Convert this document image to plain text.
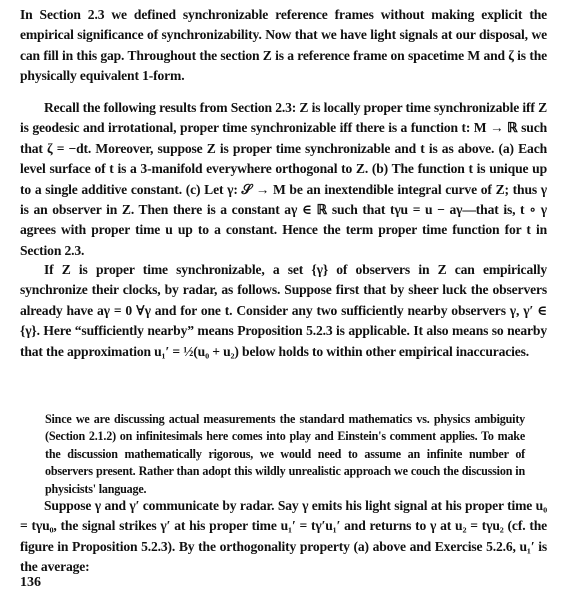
In Section 2.3 we defined synchronizable reference frames without making explicit the empirical significance of synchronizability. Now that we have light signals at our disposal, we can fill in this gap. Throughout the section Z is a reference frame on spacetime M and ζ is the physically equivalent 1-form.

Recall the following results from Section 2.3: Z is locally proper time synchronizable iff Z is geodesic and irrotational, proper time synchronizable iff there is a function t: M → ℝ such that ζ = −dt. Moreover, suppose Z is proper time synchronizable and t is as above. (a) Each level surface of t is a 3-manifold everywhere orthogonal to Z. (b) The function t is unique up to a single additive constant. (c) Let γ: 𝒮 → M be an inextendible integral curve of Z; thus γ is an observer in Z. Then there is a constant aγ ∈ ℝ such that tγu = u − aγ—that is, t ∘ γ agrees with proper time u up to a constant. Hence the term proper time function for t in Section 2.3.

If Z is proper time synchronizable, a set {γ} of observers in Z can empirically synchronize their clocks, by radar, as follows. Suppose first that by sheer luck the observers already have aγ = 0 ∀γ and for one t. Consider any two sufficiently nearby observers γ, γ′ ∈ {γ}. Here “sufficiently nearby” means Proposition 5.2.3 is applicable. It also means so nearby that the approximation u₁′ = ½(u₀ + u₂) below holds to within other empirical inaccuracies.

Since we are discussing actual measurements the standard mathematics vs. physics ambiguity (Section 2.1.2) on infinitesimals here comes into play and Einstein's comment applies. To make the discussion mathematically rigorous, we would need to assume an infinite number of observers present. Rather than adopt this wildly unrealistic approach we couch the discussion in physicists' language.

Suppose γ and γ′ communicate by radar. Say γ emits his light signal at his proper time u₀ = tγu₀, the signal strikes γ′ at his proper time u₁′ = tγ′u₁′ and returns to γ at u₂ = tγu₂ (cf. the figure in Proposition 5.2.3). By the orthogonality property (a) above and Exercise 5.2.6, u₁′ is the average:

136
